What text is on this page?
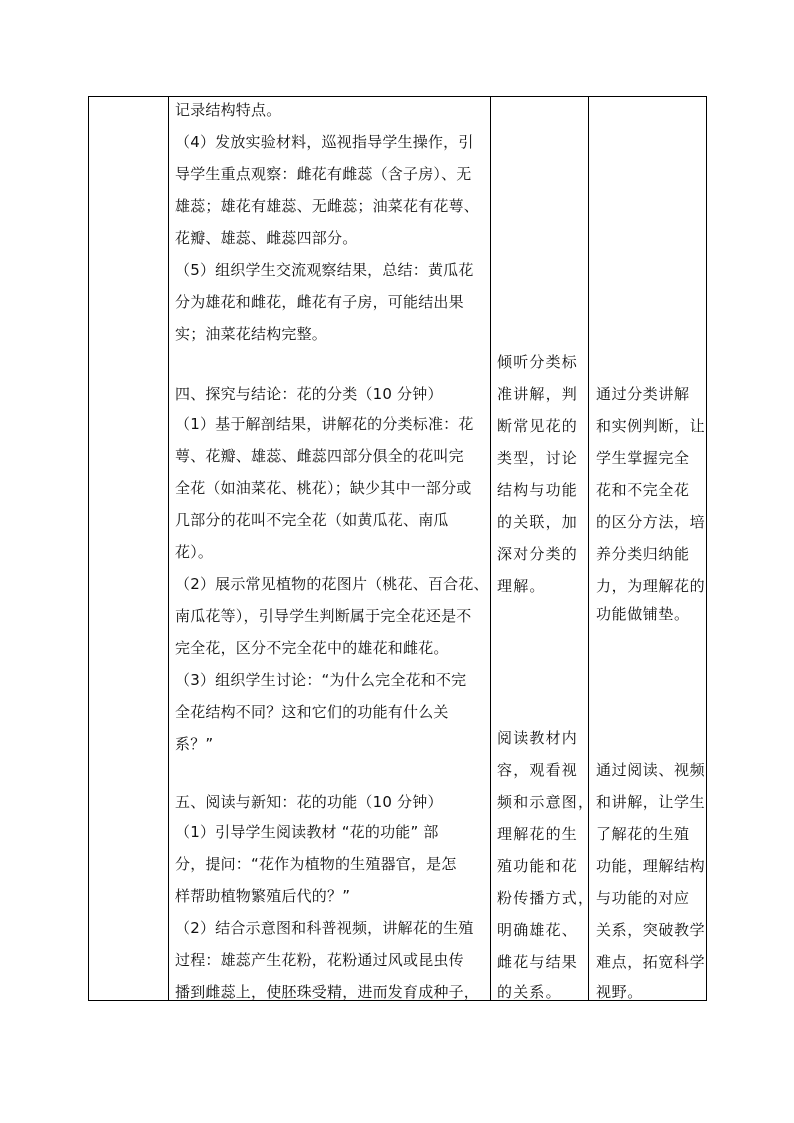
记录结构特点。
（4）发放实验材料，巡视指导学生操作，引
导学生重点观察：雌花有雌蕊（含子房）、无
雄蕊；雄花有雄蕊、无雌蕊；油菜花有花萼、
花瓣、雄蕊、雌蕊四部分。
（5）组织学生交流观察结果，总结：黄瓜花
分为雄花和雌花，雌花有子房，可能结出果
实；油菜花结构完整。
四、探究与结论：花的分类（10 分钟）
（1）基于解剖结果，讲解花的分类标准：花
萼、花瓣、雄蕊、雌蕊四部分俱全的花叫完
全花（如油菜花、桃花）；缺少其中一部分或
几部分的花叫不完全花（如黄瓜花、南瓜
花）。
（2）展示常见植物的花图片（桃花、百合花、
南瓜花等），引导学生判断属于完全花还是不
完全花，区分不完全花中的雄花和雌花。
（3）组织学生讨论：“为什么完全花和不完
全花结构不同？这和它们的功能有什么关
系？”
五、阅读与新知：花的功能（10 分钟）
（1）引导学生阅读教材 “花的功能” 部
分，提问：“花作为植物的生殖器官，是怎
样帮助植物繁殖后代的？”
（2）结合示意图和科普视频，讲解花的生殖
过程：雄蕊产生花粉，花粉通过风或昆虫传
播到雌蕊上，使胚珠受精，进而发育成种子，
倾听分类标
准讲解，判
断常见花的
类型，讨论
结构与功能
的关联，加
深对分类的
理解。
阅读教材内
容，观看视
频和示意图，
理解花的生
殖功能和花
粉传播方式，
明确雄花、
雌花与结果
的关系。
通过分类讲解
和实例判断，让
学生掌握完全
花和不完全花
的区分方法，培
养分类归纳能
力，为理解花的
功能做铺垫。
通过阅读、视频
和讲解，让学生
了解花的生殖
功能，理解结构
与功能的对应
关系，突破教学
难点，拓宽科学
视野。
